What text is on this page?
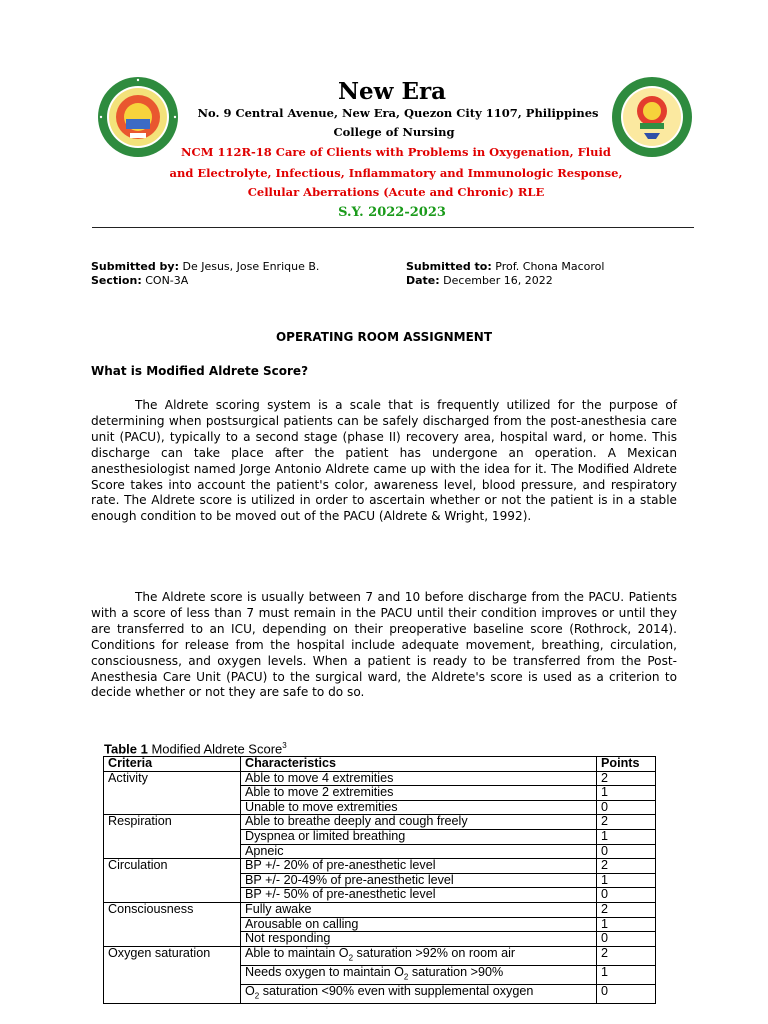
New Era
No. 9 Central Avenue, New Era, Quezon City 1107, Philippines
College of Nursing
NCM 112R-18 Care of Clients with Problems in Oxygenation, Fluid
and Electrolyte, Infectious, Inflammatory and Immunologic Response,
Cellular Aberrations (Acute and Chronic) RLE
S.Y. 2022-2023
Submitted by: De Jesus, Jose Enrique B.
Section: CON-3A
Submitted to: Prof. Chona Macorol
Date: December 16, 2022
OPERATING ROOM ASSIGNMENT
What is Modified Aldrete Score?
The Aldrete scoring system is a scale that is frequently utilized for the purpose of determining when postsurgical patients can be safely discharged from the post-anesthesia care unit (PACU), typically to a second stage (phase II) recovery area, hospital ward, or home. This discharge can take place after the patient has undergone an operation. A Mexican anesthesiologist named Jorge Antonio Aldrete came up with the idea for it. The Modified Aldrete Score takes into account the patient's color, awareness level, blood pressure, and respiratory rate. The Aldrete score is utilized in order to ascertain whether or not the patient is in a stable enough condition to be moved out of the PACU (Aldrete & Wright, 1992).
The Aldrete score is usually between 7 and 10 before discharge from the PACU. Patients with a score of less than 7 must remain in the PACU until their condition improves or until they are transferred to an ICU, depending on their preoperative baseline score (Rothrock, 2014). Conditions for release from the hospital include adequate movement, breathing, circulation, consciousness, and oxygen levels. When a patient is ready to be transferred from the Post-Anesthesia Care Unit (PACU) to the surgical ward, the Aldrete's score is used as a criterion to decide whether or not they are safe to do so.
Table 1 Modified Aldrete Score$^3$
Criteria	Characteristics	Points
Activity	Able to move 4 extremities	2
	Able to move 2 extremities	1
	Unable to move extremities	0
Respiration	Able to breathe deeply and cough freely	2
	Dyspnea or limited breathing	1
	Apneic	0
Circulation	BP +/- 20% of pre-anesthetic level	2
	BP +/- 20-49% of pre-anesthetic level	1
	BP +/- 50% of pre-anesthetic level	0
Consciousness	Fully awake	2
	Arousable on calling	1
	Not responding	0
Oxygen saturation	Able to maintain $O_2$ saturation >92% on room air	2
	Needs oxygen to maintain $O_2$ saturation >90%	1
	$O_2$ saturation <90% even with supplemental oxygen	0
